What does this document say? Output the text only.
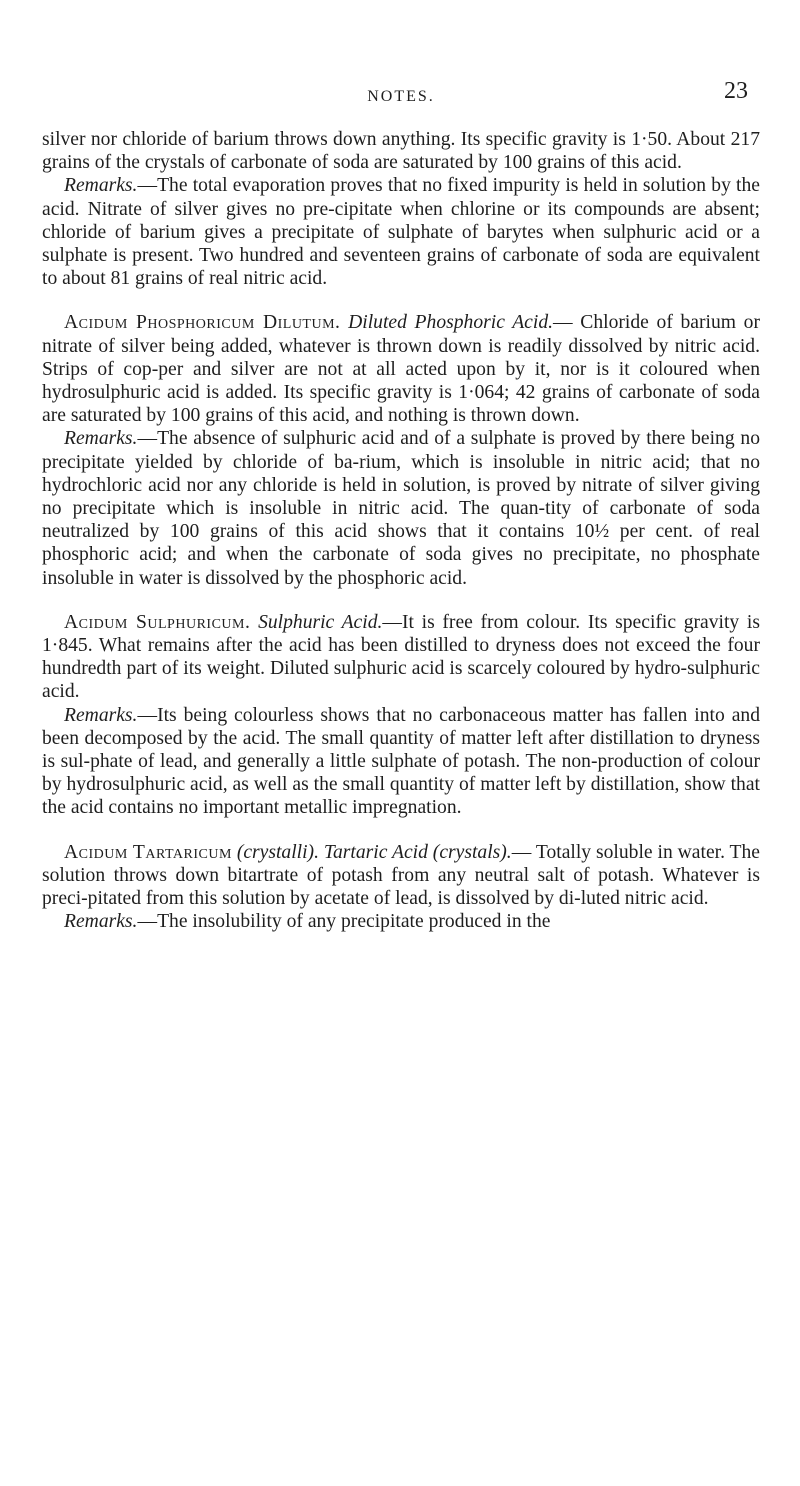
NOTES.	23

silver nor chloride of barium throws down anything. Its specific gravity is 1·50. About 217 grains of the crystals of carbonate of soda are saturated by 100 grains of this acid.

Remarks.—The total evaporation proves that no fixed impurity is held in solution by the acid. Nitrate of silver gives no pre-cipitate when chlorine or its compounds are absent; chloride of barium gives a precipitate of sulphate of barytes when sulphuric acid or a sulphate is present. Two hundred and seventeen grains of carbonate of soda are equivalent to about 81 grains of real nitric acid.

Acidum Phosphoricum Dilutum. Diluted Phosphoric Acid.— Chloride of barium or nitrate of silver being added, whatever is thrown down is readily dissolved by nitric acid. Strips of cop-per and silver are not at all acted upon by it, nor is it coloured when hydrosulphuric acid is added. Its specific gravity is 1·064; 42 grains of carbonate of soda are saturated by 100 grains of this acid, and nothing is thrown down.

Remarks.—The absence of sulphuric acid and of a sulphate is proved by there being no precipitate yielded by chloride of ba-rium, which is insoluble in nitric acid; that no hydrochloric acid nor any chloride is held in solution, is proved by nitrate of silver giving no precipitate which is insoluble in nitric acid. The quan-tity of carbonate of soda neutralized by 100 grains of this acid shows that it contains 10½ per cent. of real phosphoric acid; and when the carbonate of soda gives no precipitate, no phosphate insoluble in water is dissolved by the phosphoric acid.

Acidum Sulphuricum. Sulphuric Acid.—It is free from colour. Its specific gravity is 1·845. What remains after the acid has been distilled to dryness does not exceed the four hundredth part of its weight. Diluted sulphuric acid is scarcely coloured by hydro-sulphuric acid.

Remarks.—Its being colourless shows that no carbonaceous matter has fallen into and been decomposed by the acid. The small quantity of matter left after distillation to dryness is sul-phate of lead, and generally a little sulphate of potash. The non-production of colour by hydrosulphuric acid, as well as the small quantity of matter left by distillation, show that the acid contains no important metallic impregnation.

Acidum Tartaricum (crystalli). Tartaric Acid (crystals).— Totally soluble in water. The solution throws down bitartrate of potash from any neutral salt of potash. Whatever is preci-pitated from this solution by acetate of lead, is dissolved by di-luted nitric acid.

Remarks.—The insolubility of any precipitate produced in the
